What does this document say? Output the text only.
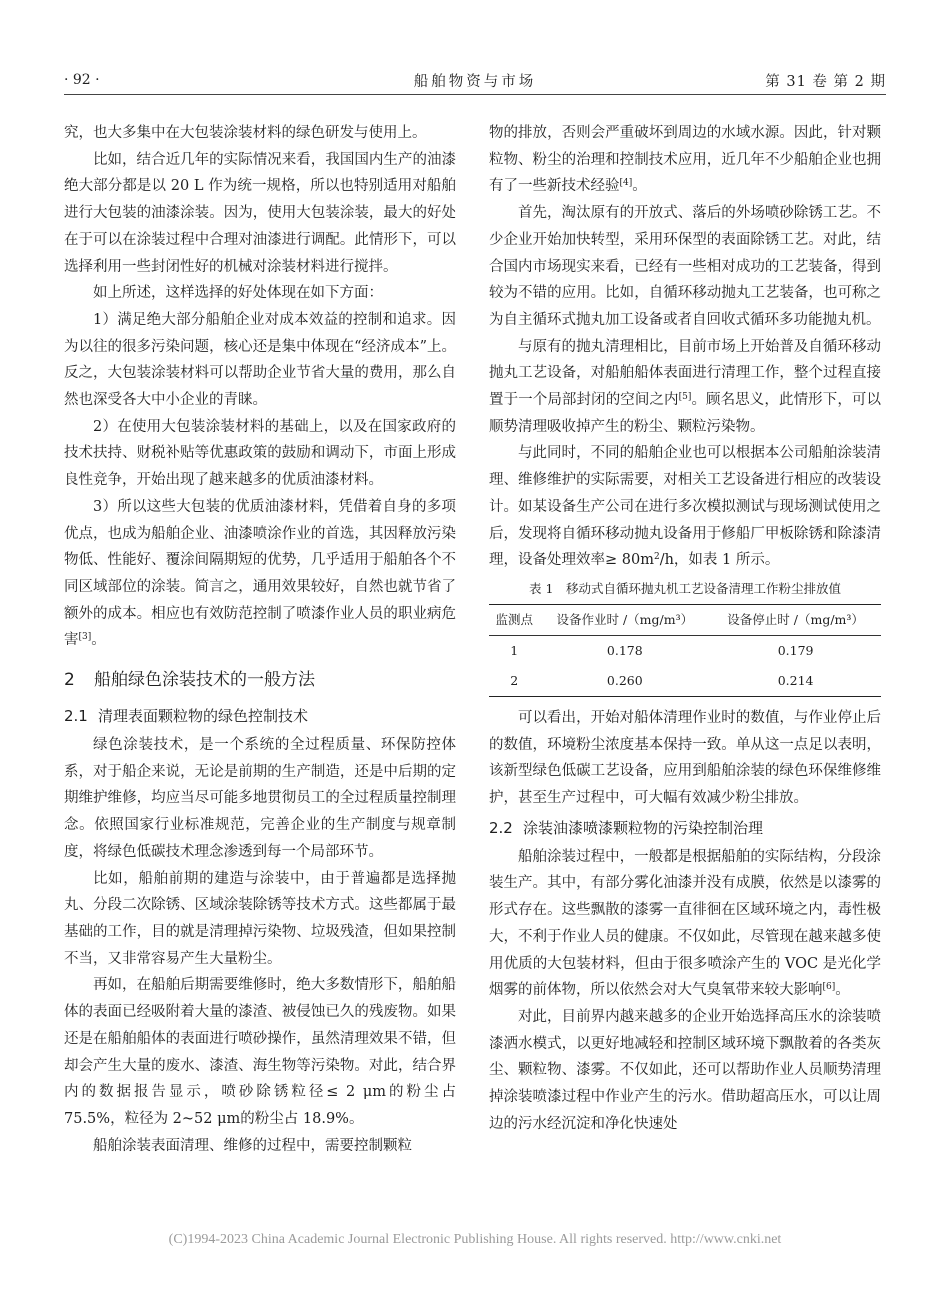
· 92 ·	船舶物资与市场	第 31 卷 第 2 期

究，也大多集中在大包装涂装材料的绿色研发与使用上。

比如，结合近几年的实际情况来看，我国国内生产的油漆绝大部分都是以 20 L 作为统一规格，所以也特别适用对船舶进行大包装的油漆涂装。因为，使用大包装涂装，最大的好处在于可以在涂装过程中合理对油漆进行调配。此情形下，可以选择利用一些封闭性好的机械对涂装材料进行搅拌。

如上所述，这样选择的好处体现在如下方面：

1）满足绝大部分船舶企业对成本效益的控制和追求。因为以往的很多污染问题，核心还是集中体现在“经济成本”上。反之，大包装涂装材料可以帮助企业节省大量的费用，那么自然也深受各大中小企业的青睐。

2）在使用大包装涂装材料的基础上，以及在国家政府的技术扶持、财税补贴等优惠政策的鼓励和调动下，市面上形成良性竞争，开始出现了越来越多的优质油漆材料。

3）所以这些大包装的优质油漆材料，凭借着自身的多项优点，也成为船舶企业、油漆喷涂作业的首选，其因释放污染物低、性能好、覆涂间隔期短的优势，几乎适用于船舶各个不同区域部位的涂装。简言之，通用效果较好，自然也就节省了额外的成本。相应也有效防范控制了喷漆作业人员的职业病危害[3]。

2 船舶绿色涂装技术的一般方法
2.1 清理表面颗粒物的绿色控制技术

绿色涂装技术，是一个系统的全过程质量、环保防控体系，对于船企来说，无论是前期的生产制造，还是中后期的定期维护维修，均应当尽可能多地贯彻员工的全过程质量控制理念。依照国家行业标准规范，完善企业的生产制度与规章制度，将绿色低碳技术理念渗透到每一个局部环节。

比如，船舶前期的建造与涂装中，由于普遍都是选择抛丸、分段二次除锈、区域涂装除锈等技术方式。这些都属于最基础的工作，目的就是清理掉污染物、垃圾残渣，但如果控制不当，又非常容易产生大量粉尘。

再如，在船舶后期需要维修时，绝大多数情形下，船舶船体的表面已经吸附着大量的漆渣、被侵蚀已久的残废物。如果还是在船舶船体的表面进行喷砂操作，虽然清理效果不错，但却会产生大量的废水、漆渣、海生物等污染物。对此，结合界内的数据报告显示，喷砂除锈粒径≤ 2 μm的粉尘占 75.5%，粒径为 2~52 μm的粉尘占 18.9%。

船舶涂装表面清理、维修的过程中，需要控制颗粒

物的排放，否则会严重破坏到周边的水域水源。因此，针对颗粒物、粉尘的治理和控制技术应用，近几年不少船舶企业也拥有了一些新技术经验[4]。

首先，淘汰原有的开放式、落后的外场喷砂除锈工艺。不少企业开始加快转型，采用环保型的表面除锈工艺。对此，结合国内市场现实来看，已经有一些相对成功的工艺装备，得到较为不错的应用。比如，自循环移动抛丸工艺装备，也可称之为自主循环式抛丸加工设备或者自回收式循环多功能抛丸机。

与原有的抛丸清理相比，目前市场上开始普及自循环移动抛丸工艺设备，对船舶船体表面进行清理工作，整个过程直接置于一个局部封闭的空间之内[5]。顾名思义，此情形下，可以顺势清理吸收掉产生的粉尘、颗粒污染物。

与此同时，不同的船舶企业也可以根据本公司船舶涂装清理、维修维护的实际需要，对相关工艺设备进行相应的改装设计。如某设备生产公司在进行多次模拟测试与现场测试使用之后，发现将自循环移动抛丸设备用于修船厂甲板除锈和除漆清理，设备处理效率≥ $80m^2/h$，如表 1 所示。

表 1　移动式自循环抛丸机工艺设备清理工作粉尘排放值
监测点	设备作业时 /（mg/m³）	设备停止时 /（mg/m³）
1	0.178	0.179
2	0.260	0.214

可以看出，开始对船体清理作业时的数值，与作业停止后的数值，环境粉尘浓度基本保持一致。单从这一点足以表明，该新型绿色低碳工艺设备，应用到船舶涂装的绿色环保维修维护，甚至生产过程中，可大幅有效减少粉尘排放。

2.2 涂装油漆喷漆颗粒物的污染控制治理

船舶涂装过程中，一般都是根据船舶的实际结构，分段涂装生产。其中，有部分雾化油漆并没有成膜，依然是以漆雾的形式存在。这些飘散的漆雾一直徘徊在区域环境之内，毒性极大，不利于作业人员的健康。不仅如此，尽管现在越来越多使用优质的大包装材料，但由于很多喷涂产生的 VOC 是光化学烟雾的前体物，所以依然会对大气臭氧带来较大影响[6]。

对此，目前界内越来越多的企业开始选择高压水的涂装喷漆洒水模式，以更好地减轻和控制区域环境下飘散着的各类灰尘、颗粒物、漆雾。不仅如此，还可以帮助作业人员顺势清理掉涂装喷漆过程中作业产生的污水。借助超高压水，可以让周边的污水经沉淀和净化快速处

(C)1994-2023 China Academic Journal Electronic Publishing House. All rights reserved. http://www.cnki.net
